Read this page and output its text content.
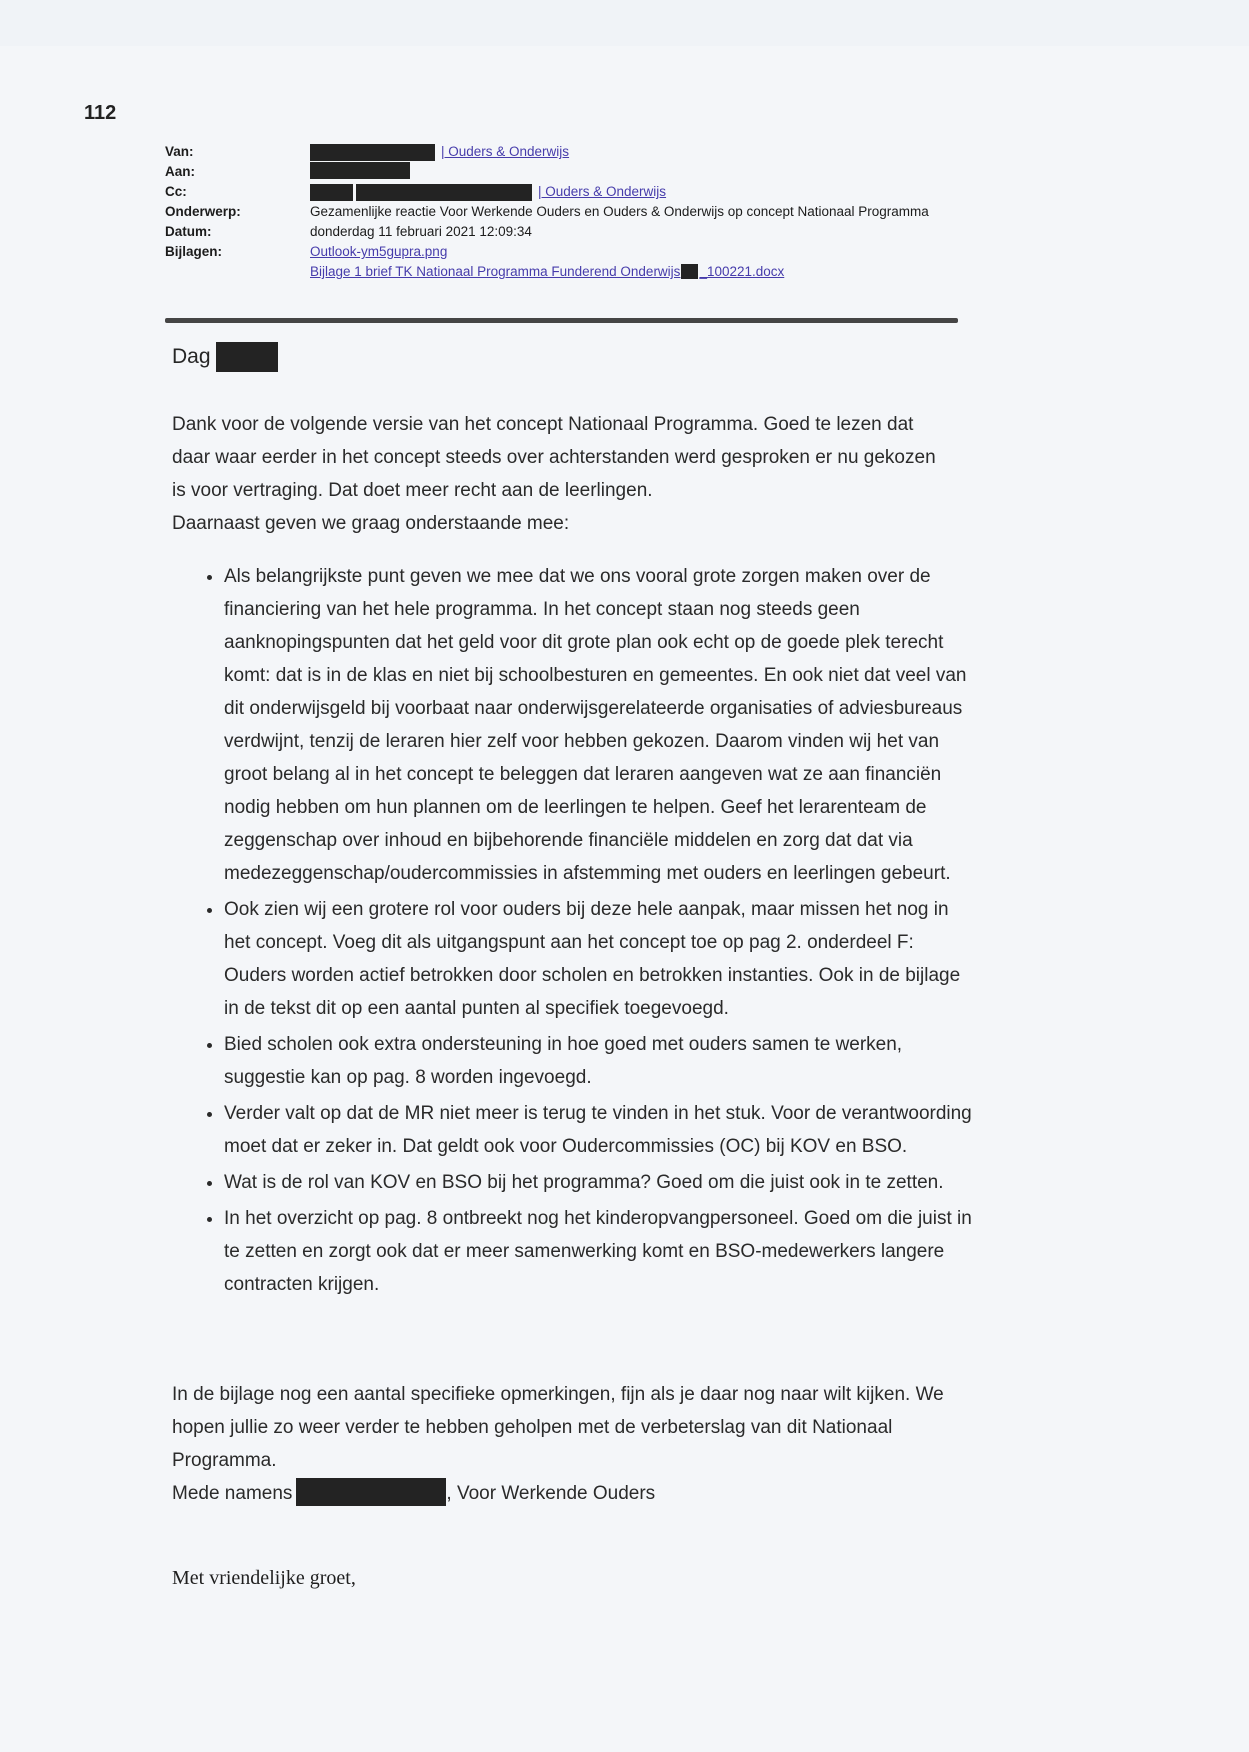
112
Van:	| Ouders & Onderwijs
Aan:
Cc:	| Ouders & Onderwijs
Onderwerp:	Gezamenlijke reactie Voor Werkende Ouders en Ouders & Onderwijs op concept Nationaal Programma
Datum:	donderdag 11 februari 2021 12:09:34
Bijlagen:	Outlook-ym5gupra.png
Bijlage 1 brief TK Nationaal Programma Funderend Onderwijs _100221.docx
Dag

Dank voor de volgende versie van het concept Nationaal Programma. Goed te lezen dat daar waar eerder in het concept steeds over achterstanden werd gesproken er nu gekozen is voor vertraging. Dat doet meer recht aan de leerlingen.

Daarnaast geven we graag onderstaande mee:

• Als belangrijkste punt geven we mee dat we ons vooral grote zorgen maken over de financiering van het hele programma. In het concept staan nog steeds geen aanknopingspunten dat het geld voor dit grote plan ook echt op de goede plek terecht komt: dat is in de klas en niet bij schoolbesturen en gemeentes. En ook niet dat veel van dit onderwijsgeld bij voorbaat naar onderwijsgerelateerde organisaties of adviesbureaus verdwijnt, tenzij de leraren hier zelf voor hebben gekozen. Daarom vinden wij het van groot belang al in het concept te beleggen dat leraren aangeven wat ze aan financiën nodig hebben om hun plannen om de leerlingen te helpen. Geef het lerarenteam de zeggenschap over inhoud en bijbehorende financiële middelen en zorg dat dat via medezeggenschap/oudercommissies in afstemming met ouders en leerlingen gebeurt.
• Ook zien wij een grotere rol voor ouders bij deze hele aanpak, maar missen het nog in het concept. Voeg dit als uitgangspunt aan het concept toe op pag 2. onderdeel F: Ouders worden actief betrokken door scholen en betrokken instanties. Ook in de bijlage in de tekst dit op een aantal punten al specifiek toegevoegd.
• Bied scholen ook extra ondersteuning in hoe goed met ouders samen te werken, suggestie kan op pag. 8 worden ingevoegd.
• Verder valt op dat de MR niet meer is terug te vinden in het stuk. Voor de verantwoording moet dat er zeker in. Dat geldt ook voor Oudercommissies (OC) bij KOV en BSO.
• Wat is de rol van KOV en BSO bij het programma? Goed om die juist ook in te zetten.
• In het overzicht op pag. 8 ontbreekt nog het kinderopvangpersoneel. Goed om die juist in te zetten en zorgt ook dat er meer samenwerking komt en BSO-medewerkers langere contracten krijgen.

In de bijlage nog een aantal specifieke opmerkingen, fijn als je daar nog naar wilt kijken. We hopen jullie zo weer verder te hebben geholpen met de verbeterslag van dit Nationaal Programma.

Mede namens	, Voor Werkende Ouders

Met vriendelijke groet,
